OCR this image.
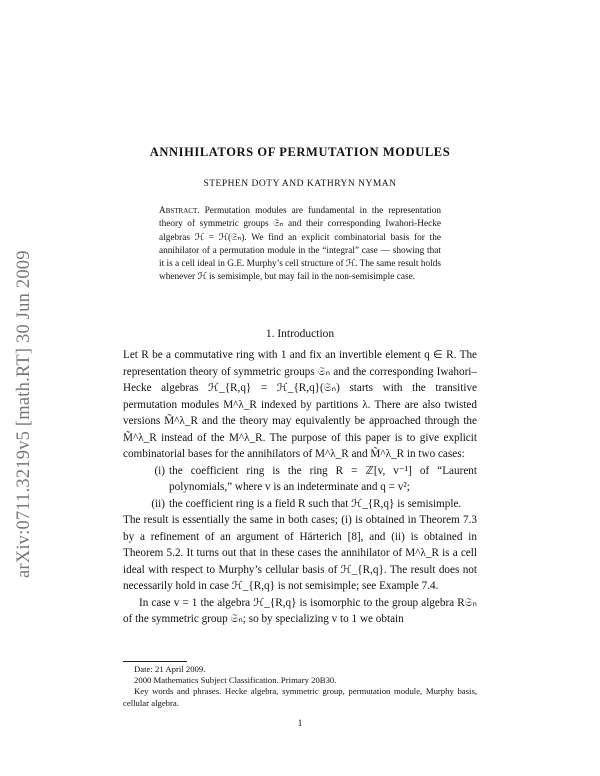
arXiv:0711.3219v5 [math.RT] 30 Jun 2009
ANNIHILATORS OF PERMUTATION MODULES
STEPHEN DOTY AND KATHRYN NYMAN
Abstract. Permutation modules are fundamental in the representation theory of symmetric groups 𝔖ₙ and their corresponding Iwahori-Hecke algebras ℋ = ℋ(𝔖ₙ). We find an explicit combinatorial basis for the annihilator of a permutation module in the “integral” case — showing that it is a cell ideal in G.E. Murphy’s cell structure of ℋ. The same result holds whenever ℋ is semisimple, but may fail in the non-semisimple case.
1. Introduction

Let R be a commutative ring with 1 and fix an invertible element q ∈ R. The representation theory of symmetric groups 𝔖ₙ and the corresponding Iwahori–Hecke algebras ℋ_{R,q} = ℋ_{R,q}(𝔖ₙ) starts with the transitive permutation modules M^λ_R indexed by partitions λ. There are also twisted versions M̃^λ_R and the theory may equivalently be approached through the M̃^λ_R instead of the M^λ_R. The purpose of this paper is to give explicit combinatorial bases for the annihilators of M^λ_R and M̃^λ_R in two cases:

(i) the coefficient ring is the ring R = ℤ[v, v⁻¹] of “Laurent polynomials,” where v is an indeterminate and q = v²;
(ii) the coefficient ring is a field R such that ℋ_{R,q} is semisimple.

The result is essentially the same in both cases; (i) is obtained in Theorem 7.3 by a refinement of an argument of Härterich [8], and (ii) is obtained in Theorem 5.2. It turns out that in these cases the annihilator of M^λ_R is a cell ideal with respect to Murphy’s cellular basis of ℋ_{R,q}. The result does not necessarily hold in case ℋ_{R,q} is not semisimple; see Example 7.4.

In case v = 1 the algebra ℋ_{R,q} is isomorphic to the group algebra R𝔖ₙ of the symmetric group 𝔖ₙ; so by specializing v to 1 we obtain

Date: 21 April 2009.

2000 Mathematics Subject Classification. Primary 20B30.

Key words and phrases. Hecke algebra, symmetric group, permutation module, Murphy basis, cellular algebra.

1
